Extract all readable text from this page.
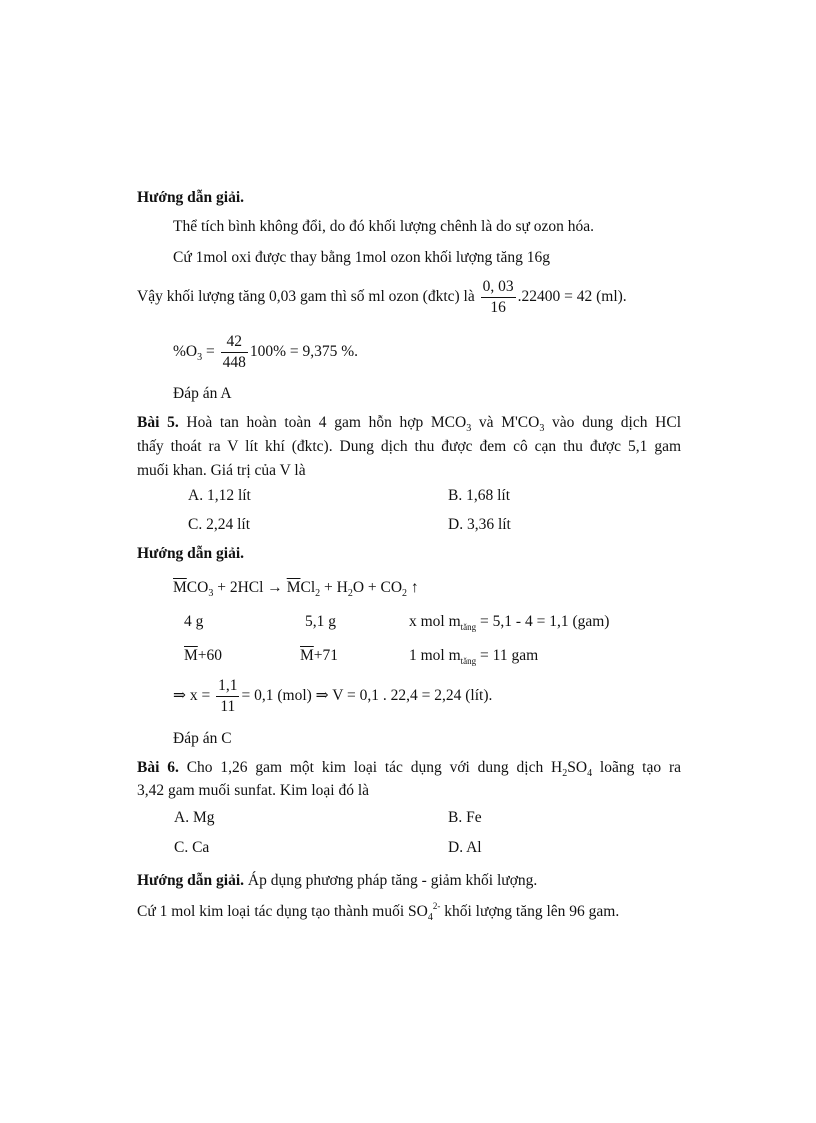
Hướng dẫn giải.
Thể tích bình không đổi, do đó khối lượng chênh là do sự ozon hóa.
Cứ 1mol oxi được thay bằng 1mol ozon khối lượng tăng 16g
Vậy khối lượng tăng 0,03 gam thì số ml ozon (đktc) là $\frac{0, 03}{16} .22400 = 42$ (ml).
$\%O_3 = \frac{42}{448} 100\% = 9,375$ %.
Đáp án A
Bài 5. Hoà tan hoàn toàn 4 gam hỗn hợp $MCO_3$ và $M'CO_3$ vào dung dịch HCl
thấy thoát ra V lít khí (đktc). Dung dịch thu được đem cô cạn thu được 5,1 gam
muối khan. Giá trị của V là
A. 1,12 lít	B. 1,68 lít
C. 2,24 lít	D. 3,36 lít
Hướng dẫn giải.
$\overline{M}CO_3 + 2HCl \to \overline{M}Cl_2 + H_2O + CO_2$ ↑
4 g	5,1 g	x mol $m_{tăng} = 5,1 - 4 = 1,1$ (gam)
$\overline{M}+60$	$\overline{M}+71$	1 mol $m_{tăng} = 11$ gam
⇒ $x = \frac{1,1}{11} = 0,1$ (mol) ⇒ V = 0,1 . 22,4 = 2,24 (lít).
Đáp án C
Bài 6. Cho 1,26 gam một kim loại tác dụng với dung dịch $H_2SO_4$ loãng tạo ra
3,42 gam muối sunfat. Kim loại đó là
A. Mg	B. Fe
C. Ca	D. Al
Hướng dẫn giải. Áp dụng phương pháp tăng - giảm khối lượng.
Cứ 1 mol kim loại tác dụng tạo thành muối $SO_4^{2-}$ khối lượng tăng lên 96 gam.
